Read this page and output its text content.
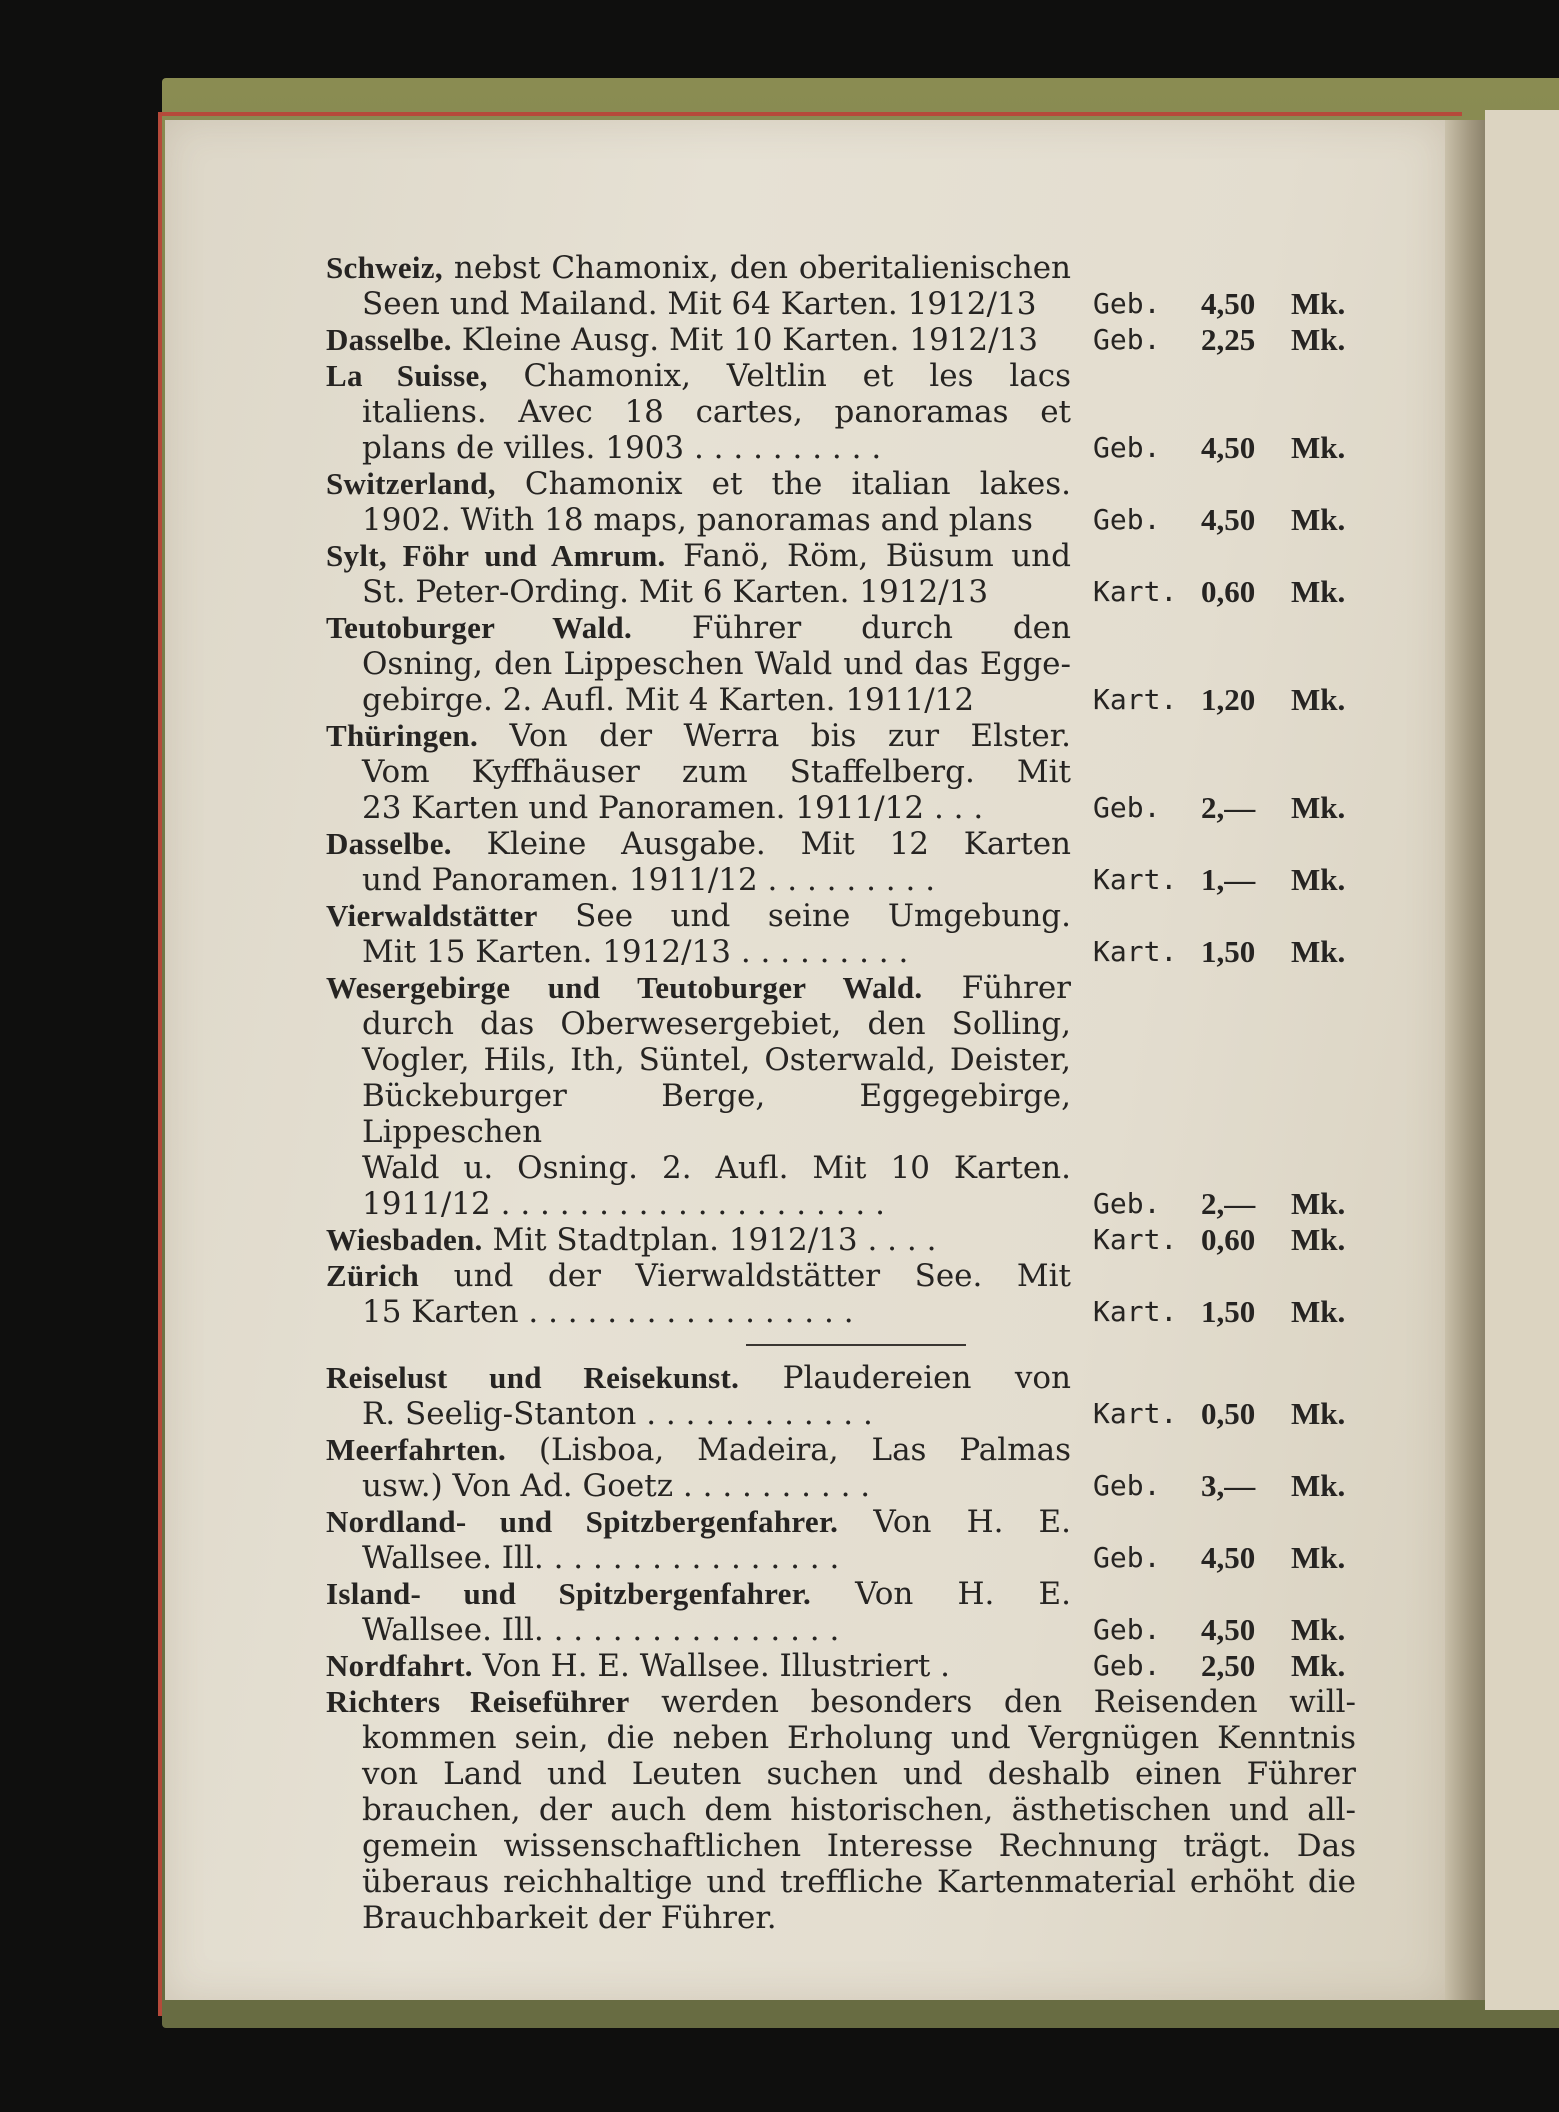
Schweiz, nebst Chamonix, den oberitalienischen
Seen und Mailand. Mit 64 Karten. 1912/13	Geb.	4,50	Mk.
Dasselbe. Kleine Ausg. Mit 10 Karten. 1912/13	Geb.	2,25	Mk.
La Suisse, Chamonix, Veltlin et les lacs
italiens. Avec 18 cartes, panoramas et
plans de villes. 1903 . . . . . . . . . .	Geb.	4,50	Mk.
Switzerland, Chamonix et the italian lakes.
1902. With 18 maps, panoramas and plans	Geb.	4,50	Mk.
Sylt, Föhr und Amrum. Fanö, Röm, Büsum und
St. Peter-Ording. Mit 6 Karten. 1912/13	Kart. 0,60	Mk.
Teutoburger Wald. Führer durch den
Osning, den Lippeschen Wald und das Egge-
gebirge. 2. Aufl. Mit 4 Karten. 1911/12	Kart. 1,20	Mk.
Thüringen. Von der Werra bis zur Elster.
Vom Kyffhäuser zum Staffelberg. Mit
23 Karten und Panoramen. 1911/12 . . .	Geb.	2,—	Mk.
Dasselbe. Kleine Ausgabe. Mit 12 Karten
und Panoramen. 1911/12 . . . . . . . . .	Kart. 1,—	Mk.
Vierwaldstätter See und seine Umgebung.
Mit 15 Karten. 1912/13 . . . . . . . . .	Kart. 1,50	Mk.
Wesergebirge und Teutoburger Wald. Führer
durch das Oberwesergebiet, den Solling,
Vogler, Hils, Ith, Süntel, Osterwald, Deister,
Bückeburger Berge, Eggegebirge, Lippeschen
Wald u. Osning. 2. Aufl. Mit 10 Karten.
1911/12 . . . . . . . . . . . . . . . . . . . .	Geb.	2,—	Mk.
Wiesbaden. Mit Stadtplan. 1912/13 . . . .	Kart. 0,60	Mk.
Zürich und der Vierwaldstätter See. Mit
15 Karten . . . . . . . . . . . . . . . . .	Kart. 1,50	Mk.
Reiselust und Reisekunst. Plaudereien von
R. Seelig-Stanton . . . . . . . . . . . .	Kart. 0,50	Mk.
Meerfahrten. (Lisboa, Madeira, Las Palmas
usw.) Von Ad. Goetz . . . . . . . . . .	Geb.	3,—	Mk.
Nordland- und Spitzbergenfahrer. Von H. E.
Wallsee. Ill. . . . . . . . . . . . . . . .	Geb.	4,50	Mk.
Island- und Spitzbergenfahrer. Von H. E.
Wallsee. Ill. . . . . . . . . . . . . . . .	Geb.	4,50	Mk.
Nordfahrt. Von H. E. Wallsee. Illustriert .	Geb.	2,50	Mk.
Richters Reiseführer werden besonders den Reisenden will-
kommen sein, die neben Erholung und Vergnügen Kenntnis
von Land und Leuten suchen und deshalb einen Führer
brauchen, der auch dem historischen, ästhetischen und all-
gemein wissenschaftlichen Interesse Rechnung trägt. Das
überaus reichhaltige und treffliche Kartenmaterial erhöht die
Brauchbarkeit der Führer.
